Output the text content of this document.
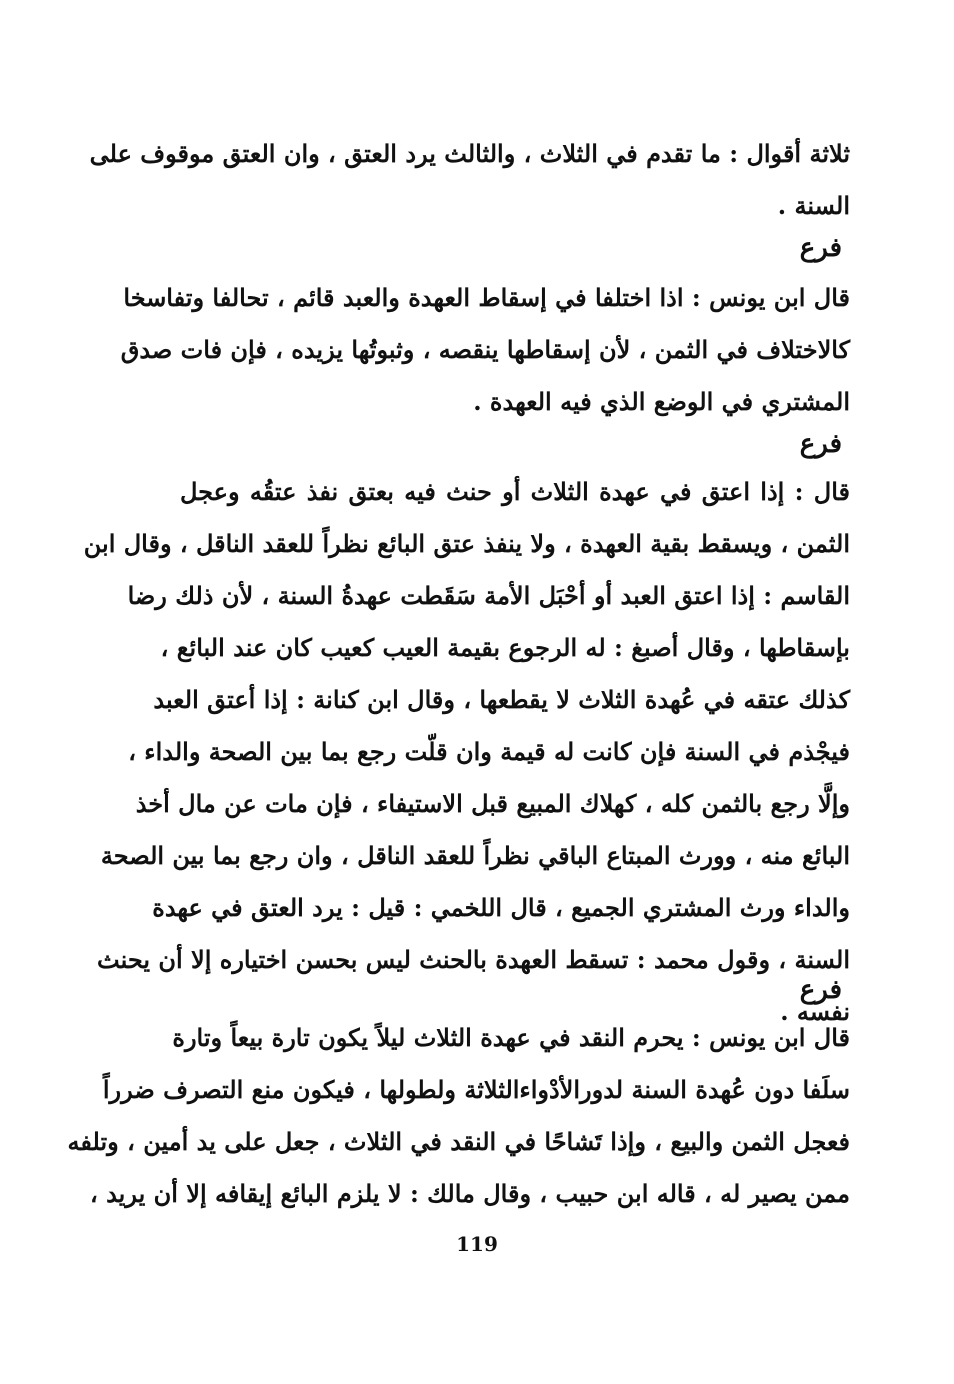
ثلاثة أقوال : ما تقدم في الثلاث ، والثالث يرد العتق ، وان العتق موقوف على
السنة .
فرع
قال ابن يونس : اذا اختلفا في إسقاط العهدة والعبد قائم ، تحالفا وتفاسخا
كالاختلاف في الثمن ، لأن إسقاطها ينقصه ، وثبوتُها يزيده ، فإن فات صدق
المشتري في الوضع الذي فيه العهدة .
فرع
قال : إذا اعتق في عهدة الثلاث أو حنث فيه بعتق نفذ عتقُه وعجل
الثمن ، ويسقط بقية العهدة ، ولا ينفذ عتق البائع نظراً للعقد الناقل ، وقال ابن
القاسم : إذا اعتق العبد أو أحْبَل الأمة سَقَطت عهدةُ السنة ، لأن ذلك رضا
بإسقاطها ، وقال أصبغ : له الرجوع بقيمة العيب كعيب كان عند البائع ،
كذلك عتقه في عُهدة الثلاث لا يقطعها ، وقال ابن كنانة : إذا أعتق العبد
فيجْذم في السنة فإن كانت له قيمة وان قلّت رجع بما بين الصحة والداء ،
وإلَّا رجع بالثمن كله ، كهلاك المبيع قبل الاستيفاء ، فإن مات عن مال أخذ
البائع منه ، وورث المبتاع الباقي نظراً للعقد الناقل ، وان رجع بما بين الصحة
والداء ورث المشتري الجميع ، قال اللخمي : قيل : يرد العتق في عهدة
السنة ، وقول محمد : تسقط العهدة بالحنث ليس بحسن اختياره إلا أن يحنث
نفسه .
فرع
قال ابن يونس : يحرم النقد في عهدة الثلاث ليلاً يكون تارة بيعاً وتارة
سلَفا دون عُهدة السنة لدورالأدْواءالثلاثة ولطولها ، فيكون منع التصرف ضرراً
فعجل الثمن والبيع ، وإذا تَشاحًا في النقد في الثلاث ، جعل على يد أمين ، وتلفه
ممن يصير له ، قاله ابن حبيب ، وقال مالك : لا يلزم البائع إيقافه إلا أن يريد ،
119
